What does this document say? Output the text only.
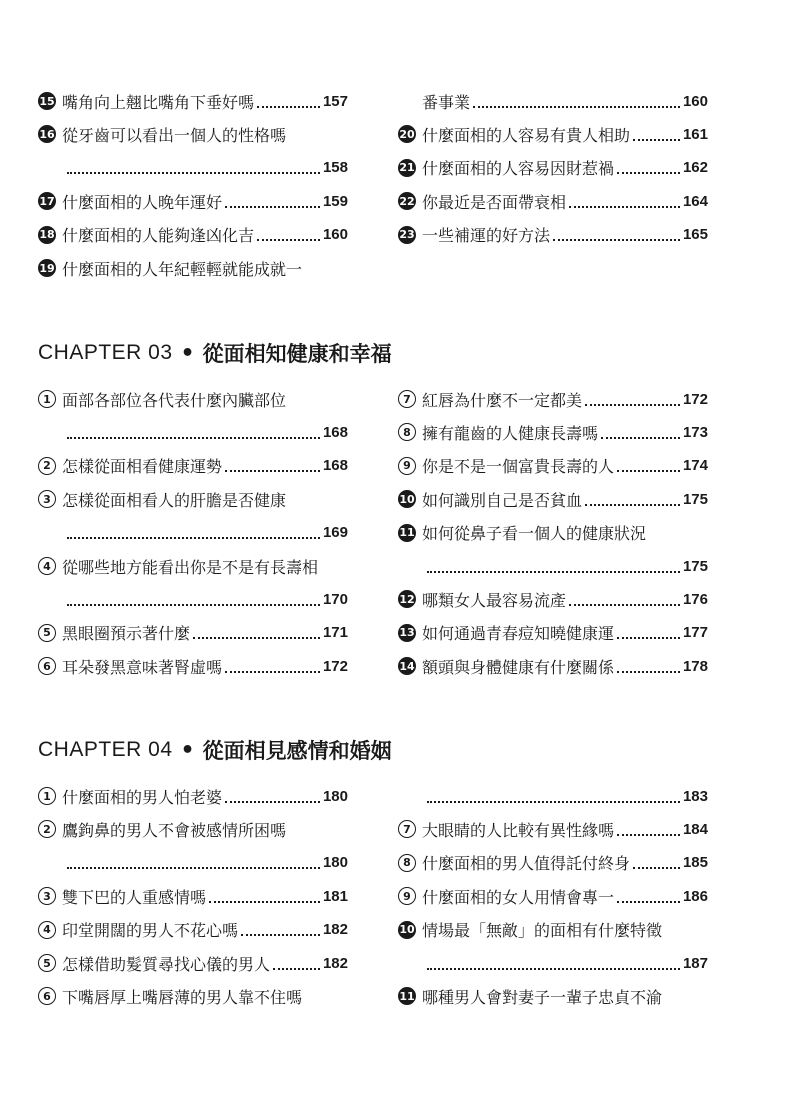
15 嘴角向上翹比嘴角下垂好嗎	157
16 從牙齒可以看出一個人的性格嗎
158
17 什麼面相的人晚年運好	159
18 什麼面相的人能夠逢凶化吉	160
19 什麼面相的人年紀輕輕就能成就一
番事業	160
20 什麼面相的人容易有貴人相助	161
21 什麼面相的人容易因財惹禍	162
22 你最近是否面帶衰相	164
23 一些補運的好方法	165
CHAPTER 03 • 從面相知健康和幸福
1 面部各部位各代表什麼內臟部位
168
2 怎樣從面相看健康運勢	168
3 怎樣從面相看人的肝膽是否健康
169
4 從哪些地方能看出你是不是有長壽相
170
5 黑眼圈預示著什麼	171
6 耳朵發黑意味著腎虛嗎	172
7 紅唇為什麼不一定都美	172
8 擁有龍齒的人健康長壽嗎	173
9 你是不是一個富貴長壽的人	174
10 如何識別自己是否貧血	175
11 如何從鼻子看一個人的健康狀況
175
12 哪類女人最容易流產	176
13 如何通過青春痘知曉健康運	177
14 額頭與身體健康有什麼關係	178
CHAPTER 04 • 從面相見感情和婚姻
1 什麼面相的男人怕老婆	180
2 鷹鉤鼻的男人不會被感情所困嗎
180
3 雙下巴的人重感情嗎	181
4 印堂開闊的男人不花心嗎	182
5 怎樣借助髮質尋找心儀的男人	182
6 下嘴唇厚上嘴唇薄的男人靠不住嗎
183
7 大眼睛的人比較有異性緣嗎	184
8 什麼面相的男人值得託付終身	185
9 什麼面相的女人用情會專一	186
10 情場最「無敵」的面相有什麼特徵
187
11 哪種男人會對妻子一輩子忠貞不渝
